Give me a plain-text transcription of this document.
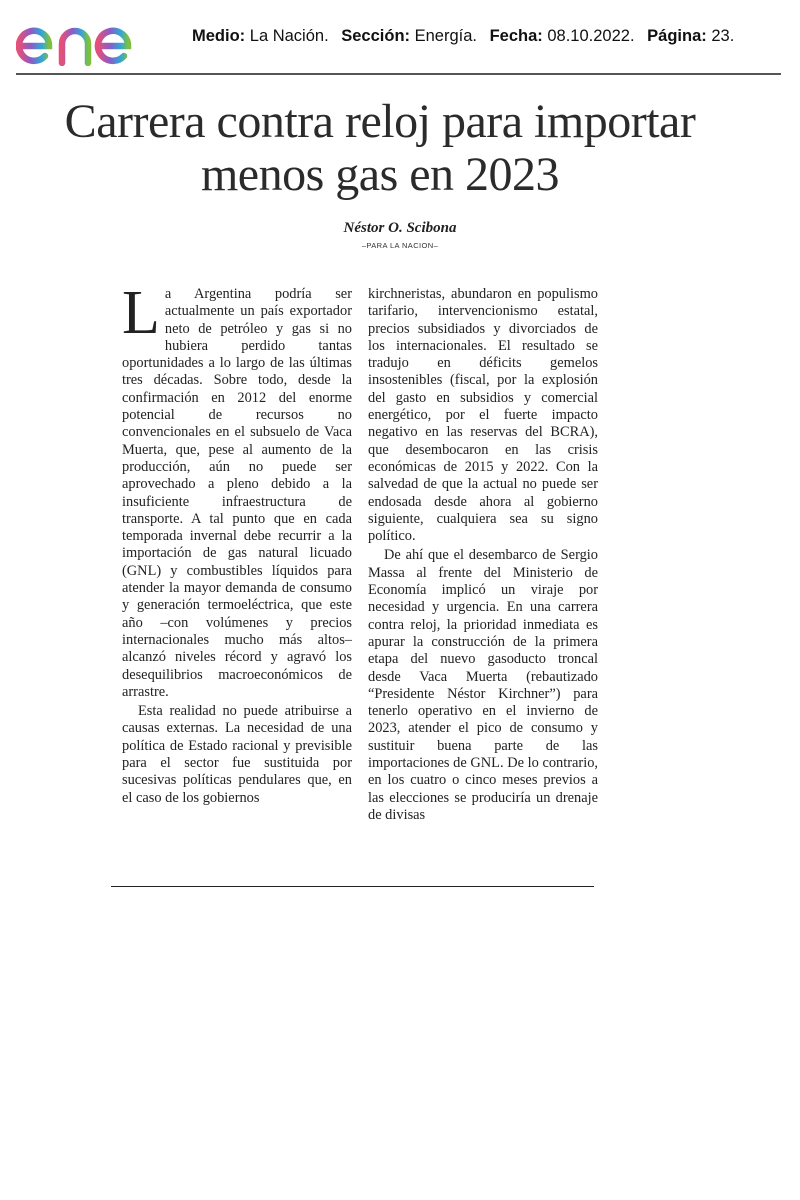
Medio: La Nación. Sección: Energía. Fecha: 08.10.2022. Página: 23.
Carrera contra reloj para importar menos gas en 2023
Néstor O. Scibona
–PARA LA NACION–

La Argentina podría ser actualmente un país exportador neto de petróleo y gas si no hubiera perdido tantas oportunidades a lo largo de las últimas tres décadas. Sobre todo, desde la confirmación en 2012 del enorme potencial de recursos no convencionales en el subsuelo de Vaca Muerta, que, pese al aumento de la producción, aún no puede ser aprovechado a pleno debido a la insuficiente infraestructura de transporte. A tal punto que en cada temporada invernal debe recurrir a la importación de gas natural licuado (GNL) y combustibles líquidos para atender la mayor demanda de consumo y generación termoeléctrica, que este año –con volúmenes y precios internacionales mucho más altos– alcanzó niveles récord y agravó los desequilibrios macroeconómicos de arrastre.

Esta realidad no puede atribuirse a causas externas. La necesidad de una política de Estado racional y previsible para el sector fue sustituida por sucesivas políticas pendulares que, en el caso de los gobiernos

kirchneristas, abundaron en populismo tarifario, intervencionismo estatal, precios subsidiados y divorciados de los internacionales. El resultado se tradujo en déficits gemelos insostenibles (fiscal, por la explosión del gasto en subsidios y comercial energético, por el fuerte impacto negativo en las reservas del BCRA), que desembocaron en las crisis económicas de 2015 y 2022. Con la salvedad de que la actual no puede ser endosada desde ahora al gobierno siguiente, cualquiera sea su signo político.

De ahí que el desembarco de Sergio Massa al frente del Ministerio de Economía implicó un viraje por necesidad y urgencia. En una carrera contra reloj, la prioridad inmediata es apurar la construcción de la primera etapa del nuevo gasoducto troncal desde Vaca Muerta (rebautizado “Presidente Néstor Kirchner”) para tenerlo operativo en el invierno de 2023, atender el pico de consumo y sustituir buena parte de las importaciones de GNL. De lo contrario, en los cuatro o cinco meses previos a las elecciones se produciría un drenaje de divisas
